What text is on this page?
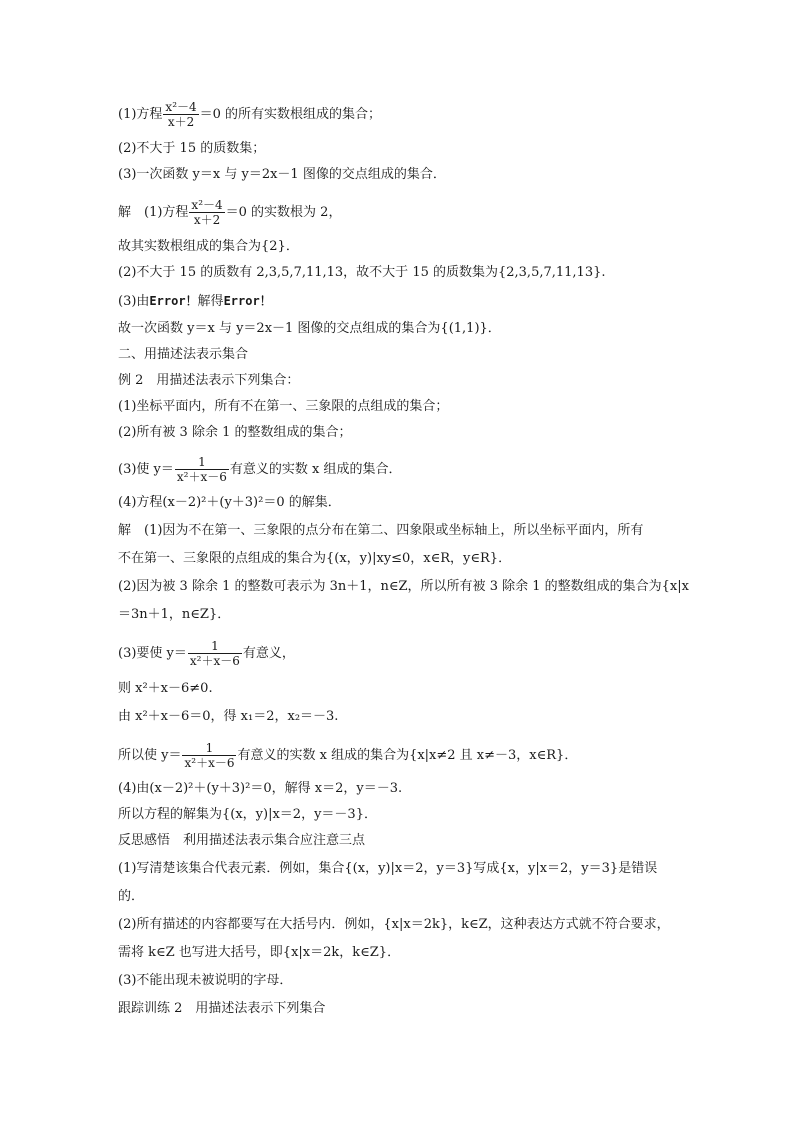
(1)方程 $\frac{\text{x²－4}}{x+2} =0$ 的所有实数根组成的集合；
(2)不大于 15 的质数集；
(3)一次函数 y＝x 与 y＝2x－1 图像的交点组成的集合．
解　(1)方程 $\frac{\text{x²－4}}{x+2} =0$ 的实数根为 2，
故其实数根组成的集合为{2}．
(2)不大于 15 的质数有 2,3,5,7,11,13，故不大于 15 的质数集为{2,3,5,7,11,13}.
(3)由Error！解得Error！
故一次函数 y＝x 与 y＝2x－1 图像的交点组成的集合为{(1,1)}．
二、用描述法表示集合
例 2　用描述法表示下列集合：
(1)坐标平面内，所有不在第一、三象限的点组成的集合；
(2)所有被 3 除余 1 的整数组成的集合；
(3)使 $y= \frac{1}{\text{x²＋x－6}}$ 有意义的实数 x 组成的集合．
(4)方程(x－2)²＋(y＋3)²＝0 的解集．
解　(1)因为不在第一、三象限的点分布在第二、四象限或坐标轴上，所以坐标平面内，所有
不在第一、三象限的点组成的集合为{(x，y)|xy≤0，x∈R，y∈R}．
(2)因为被 3 除余 1 的整数可表示为 3n＋1，n∈Z，所以所有被 3 除余 1 的整数组成的集合为{x|x
＝3n＋1，n∈Z}．
(3)要使 $y= \frac{1}{\text{x²＋x－6}}$ 有意义，
则 x²＋x－6≠0.
由 x²＋x－6＝0，得 x₁＝2，x₂＝－3.
所以使 $y= \frac{1}{\text{x²＋x－6}}$ 有意义的实数 x 组成的集合为{x|x≠2 且 x≠－3，x∈R}．
(4)由(x－2)²＋(y＋3)²＝0，解得 x＝2，y＝－3.
所以方程的解集为{(x，y)|x＝2，y＝－3}．
反思感悟　利用描述法表示集合应注意三点
(1)写清楚该集合代表元素．例如，集合{(x，y)|x＝2，y＝3}写成{x，y|x＝2，y＝3}是错误
的．
(2)所有描述的内容都要写在大括号内．例如，{x|x＝2k}，k∈Z，这种表达方式就不符合要求，
需将 k∈Z 也写进大括号，即{x|x＝2k，k∈Z}．
(3)不能出现未被说明的字母．
跟踪训练 2　用描述法表示下列集合
